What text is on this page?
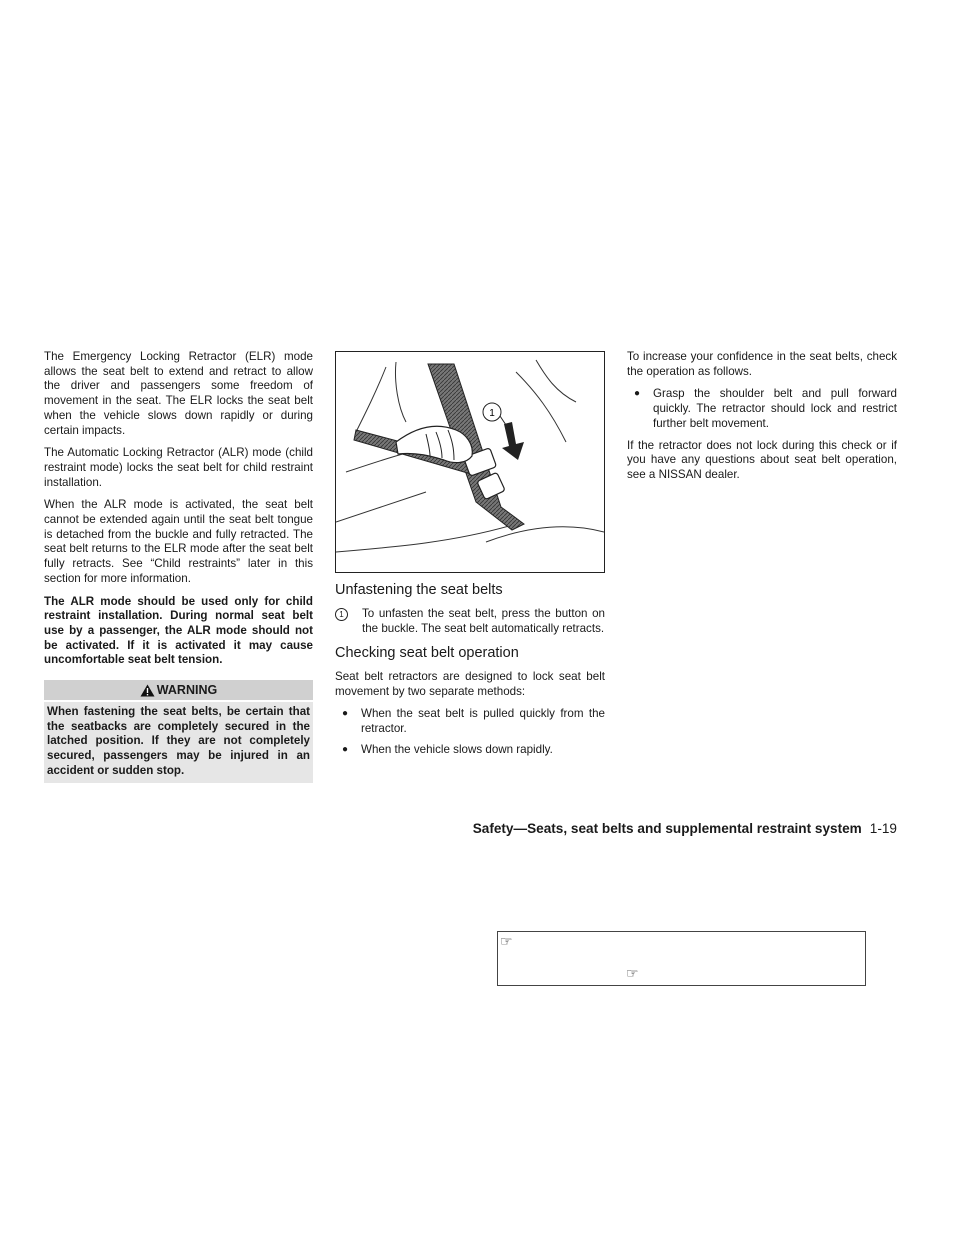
The Emergency Locking Retractor (ELR) mode allows the seat belt to extend and retract to allow the driver and passengers some freedom of movement in the seat. The ELR locks the seat belt when the vehicle slows down rapidly or during certain impacts.

The Automatic Locking Retractor (ALR) mode (child restraint mode) locks the seat belt for child restraint installation.

When the ALR mode is activated, the seat belt cannot be extended again until the seat belt tongue is detached from the buckle and fully retracted. The seat belt returns to the ELR mode after the seat belt fully retracts. See “Child restraints” later in this section for more information.

The ALR mode should be used only for child restraint installation. During normal seat belt use by a passenger, the ALR mode should not be activated. If it is activated it may cause uncomfortable seat belt tension.

WARNING
When fastening the seat belts, be certain that the seatbacks are completely secured in the latched position. If they are not completely secured, passengers may be injured in an accident or sudden stop.
1
Unfastening the seat belts
1	To unfasten the seat belt, press the button on the buckle. The seat belt automatically retracts.
Checking seat belt operation

Seat belt retractors are designed to lock seat belt movement by two separate methods:

●	When the seat belt is pulled quickly from the retractor.
●	When the vehicle slows down rapidly.

To increase your confidence in the seat belts, check the operation as follows.

●	Grasp the shoulder belt and pull forward quickly. The retractor should lock and restrict further belt movement.

If the retractor does not lock during this check or if you have any questions about seat belt operation, see a NISSAN dealer.

Safety—Seats, seat belts and supplemental restraint system 1-19
☞
☞
